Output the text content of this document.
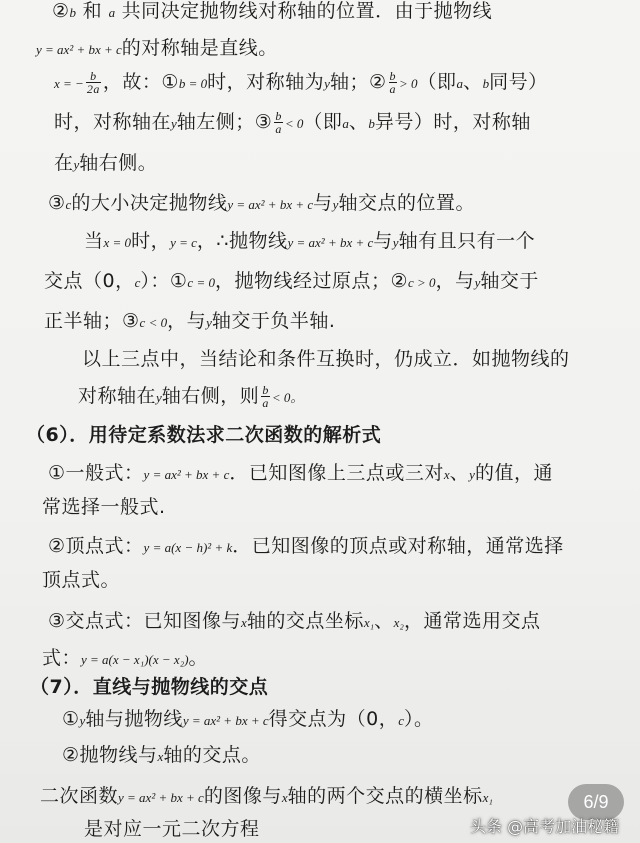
②b 和 a 共同决定抛物线对称轴的位置．由于抛物线
y = ax² + bx + c的对称轴是直线。
x = − $\frac{b}{2a}$ ，故：①b = 0时，对称轴为y轴；② $\frac{b}{a} > 0$（即a、b同号）
时，对称轴在y轴左侧；③ $\frac{b}{a} < 0$（即a、b异号）时，对称轴
在y轴右侧。
③c的大小决定抛物线y = ax² + bx + c与y轴交点的位置。
当x = 0时，y = c，∴抛物线y = ax² + bx + c与y轴有且只有一个
交点（0，c）：①c = 0，抛物线经过原点；②c > 0，与y轴交于
正半轴；③c < 0，与y轴交于负半轴.
以上三点中，当结论和条件互换时，仍成立．如抛物线的
对称轴在y轴右侧，则 $\frac{b}{a} < 0$。
（6）．用待定系数法求二次函数的解析式
①一般式：y = ax² + bx + c．已知图像上三点或三对x、y的值，通
常选择一般式.
②顶点式：y = a(x − h)² + k．已知图像的顶点或对称轴，通常选择
顶点式。
③交点式：已知图像与x轴的交点坐标x₁、x₂，通常选用交点
式：y = a(x − x₁)(x − x₂)。
（7）．直线与抛物线的交点
①y轴与抛物线y = ax² + bx + c得交点为（0，c）。
②抛物线与x轴的交点。
二次函数y = ax² + bx + c的图像与x轴的两个交点的横坐标x₁
是对应一元二次方程
6/9
头条 @高考加油秘籍
